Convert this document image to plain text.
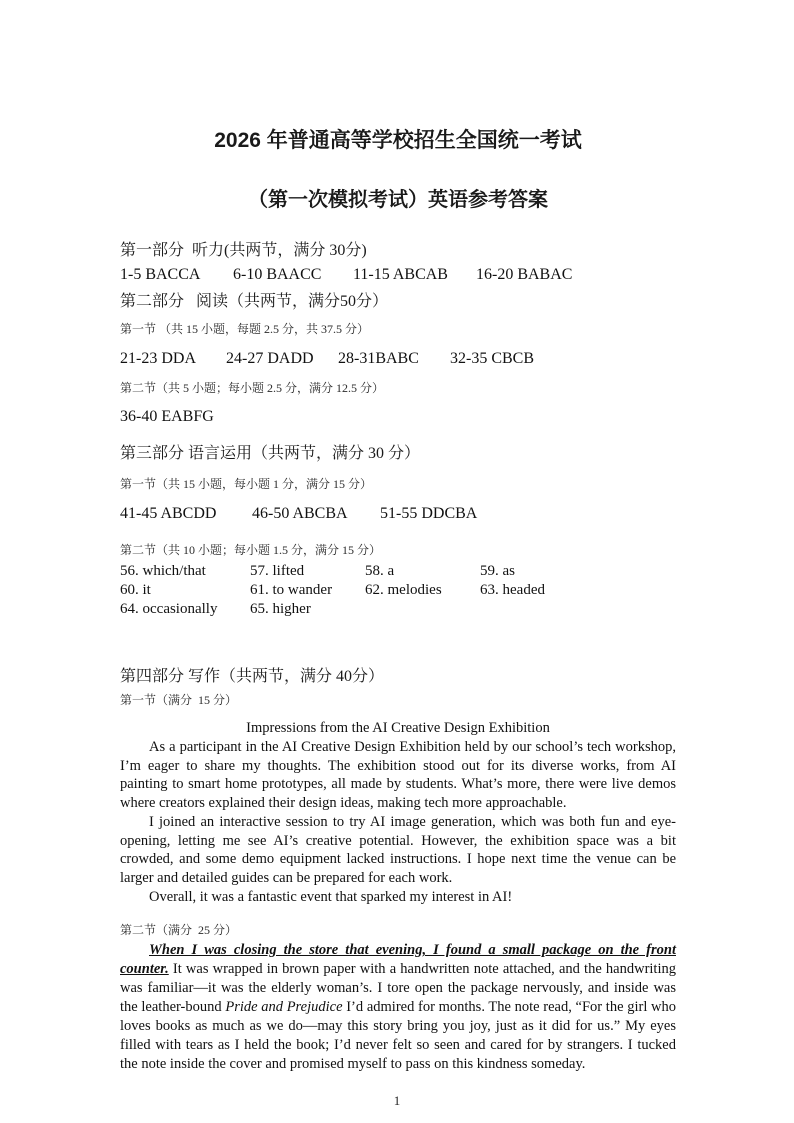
2026 年普通高等学校招生全国统一考试
（第一次模拟考试）英语参考答案

第一部分  听力(共两节，满分 30分)

1-5 BACCA	6-10 BAACC	11-15 ABCAB	16-20 BABAC

第二部分   阅读（共两节，满分50分）

第一节 （共 15 小题，每题 2.5 分，共 37.5 分）

21-23 DDA	24-27 DADD	28-31BABC	32-35 CBCB

第二节（共 5 小题；每小题 2.5 分，满分 12.5 分）

36-40 EABFG

第三部分 语言运用（共两节，满分 30 分）

第一节（共 15 小题，每小题 1 分，满分 15 分）

41-45 ABCDD	46-50 ABCBA	51-55 DDCBA

第二节（共 10 小题；每小题 1.5 分，满分 15 分）

56. which/that	57. lifted	58. a	59. as
60. it	61. to wander	62. melodies	63. headed
64. occasionally	65. higher

第四部分 写作（共两节，满分 40分）

第一节（满分  15 分）

Impressions from the AI Creative Design Exhibition

As a participant in the AI Creative Design Exhibition held by our school’s tech workshop, I’m eager to share my thoughts. The exhibition stood out for its diverse works, from AI painting to smart home prototypes, all made by students. What’s more, there were live demos where creators explained their design ideas, making tech more approachable.

I joined an interactive session to try AI image generation, which was both fun and eye-opening, letting me see AI’s creative potential. However, the exhibition space was a bit crowded, and some demo equipment lacked instructions. I hope next time the venue can be larger and detailed guides can be prepared for each work.

Overall, it was a fantastic event that sparked my interest in AI!

第二节（满分  25 分）

When I was closing the store that evening, I found a small package on the front counter. It was wrapped in brown paper with a handwritten note attached, and the handwriting was familiar—it was the elderly woman’s. I tore open the package nervously, and inside was the leather-bound Pride and Prejudice I’d admired for months. The note read, “For the girl who loves books as much as we do—may this story bring you joy, just as it did for us.” My eyes filled with tears as I held the book; I’d never felt so seen and cared for by strangers. I tucked the note inside the cover and promised myself to pass on this kindness someday.

1
